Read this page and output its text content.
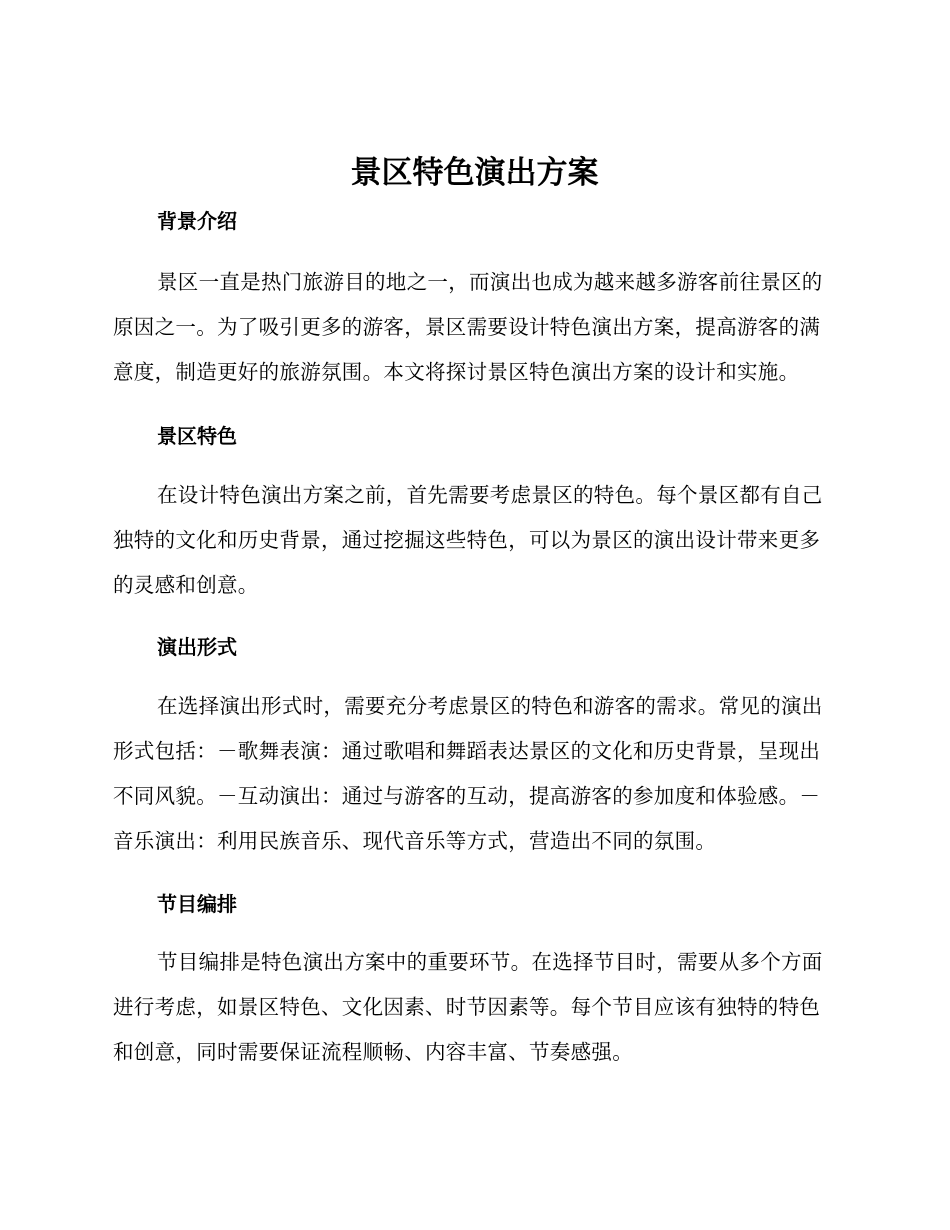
景区特色演出方案
背景介绍

景区一直是热门旅游目的地之一，而演出也成为越来越多游客前往景区的原因之一。为了吸引更多的游客，景区需要设计特色演出方案，提高游客的满意度，制造更好的旅游氛围。本文将探讨景区特色演出方案的设计和实施。

景区特色

在设计特色演出方案之前，首先需要考虑景区的特色。每个景区都有自己独特的文化和历史背景，通过挖掘这些特色，可以为景区的演出设计带来更多的灵感和创意。

演出形式

在选择演出形式时，需要充分考虑景区的特色和游客的需求。常见的演出形式包括：－歌舞表演：通过歌唱和舞蹈表达景区的文化和历史背景，呈现出不同风貌。－互动演出：通过与游客的互动，提高游客的参加度和体验感。－音乐演出：利用民族音乐、现代音乐等方式，营造出不同的氛围。

节目编排

节目编排是特色演出方案中的重要环节。在选择节目时，需要从多个方面进行考虑，如景区特色、文化因素、时节因素等。每个节目应该有独特的特色和创意，同时需要保证流程顺畅、内容丰富、节奏感强。
